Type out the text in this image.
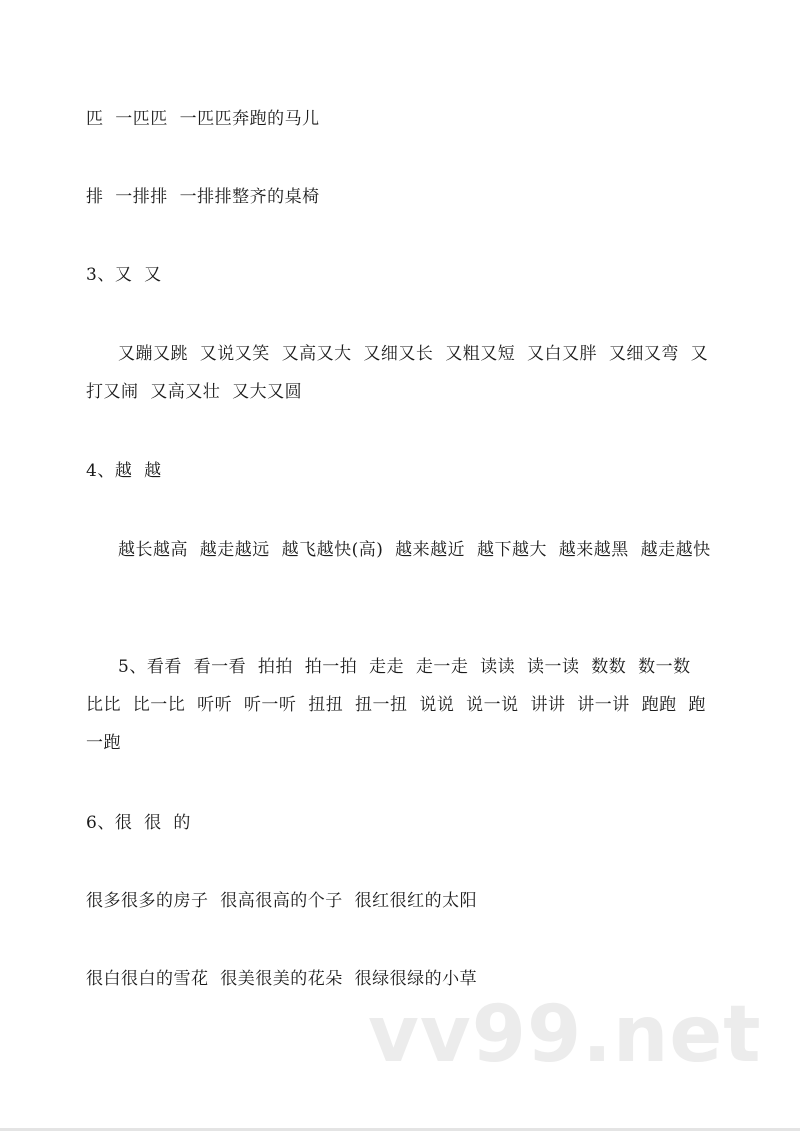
匹  一匹匹  一匹匹奔跑的马儿
排  一排排  一排排整齐的桌椅
3、又  又
又蹦又跳  又说又笑  又高又大  又细又长  又粗又短  又白又胖  又细又弯  又打又闹  又高又壮  又大又圆
4、越  越
越长越高  越走越远  越飞越快(高)  越来越近  越下越大  越来越黑  越走越快
5、看看  看一看  拍拍  拍一拍  走走  走一走  读读  读一读  数数  数一数  比比  比一比  听听  听一听  扭扭  扭一扭  说说  说一说  讲讲  讲一讲  跑跑  跑一跑
6、很  很  的
很多很多的房子  很高很高的个子  很红很红的太阳
很白很白的雪花  很美很美的花朵  很绿很绿的小草
vv99.net
